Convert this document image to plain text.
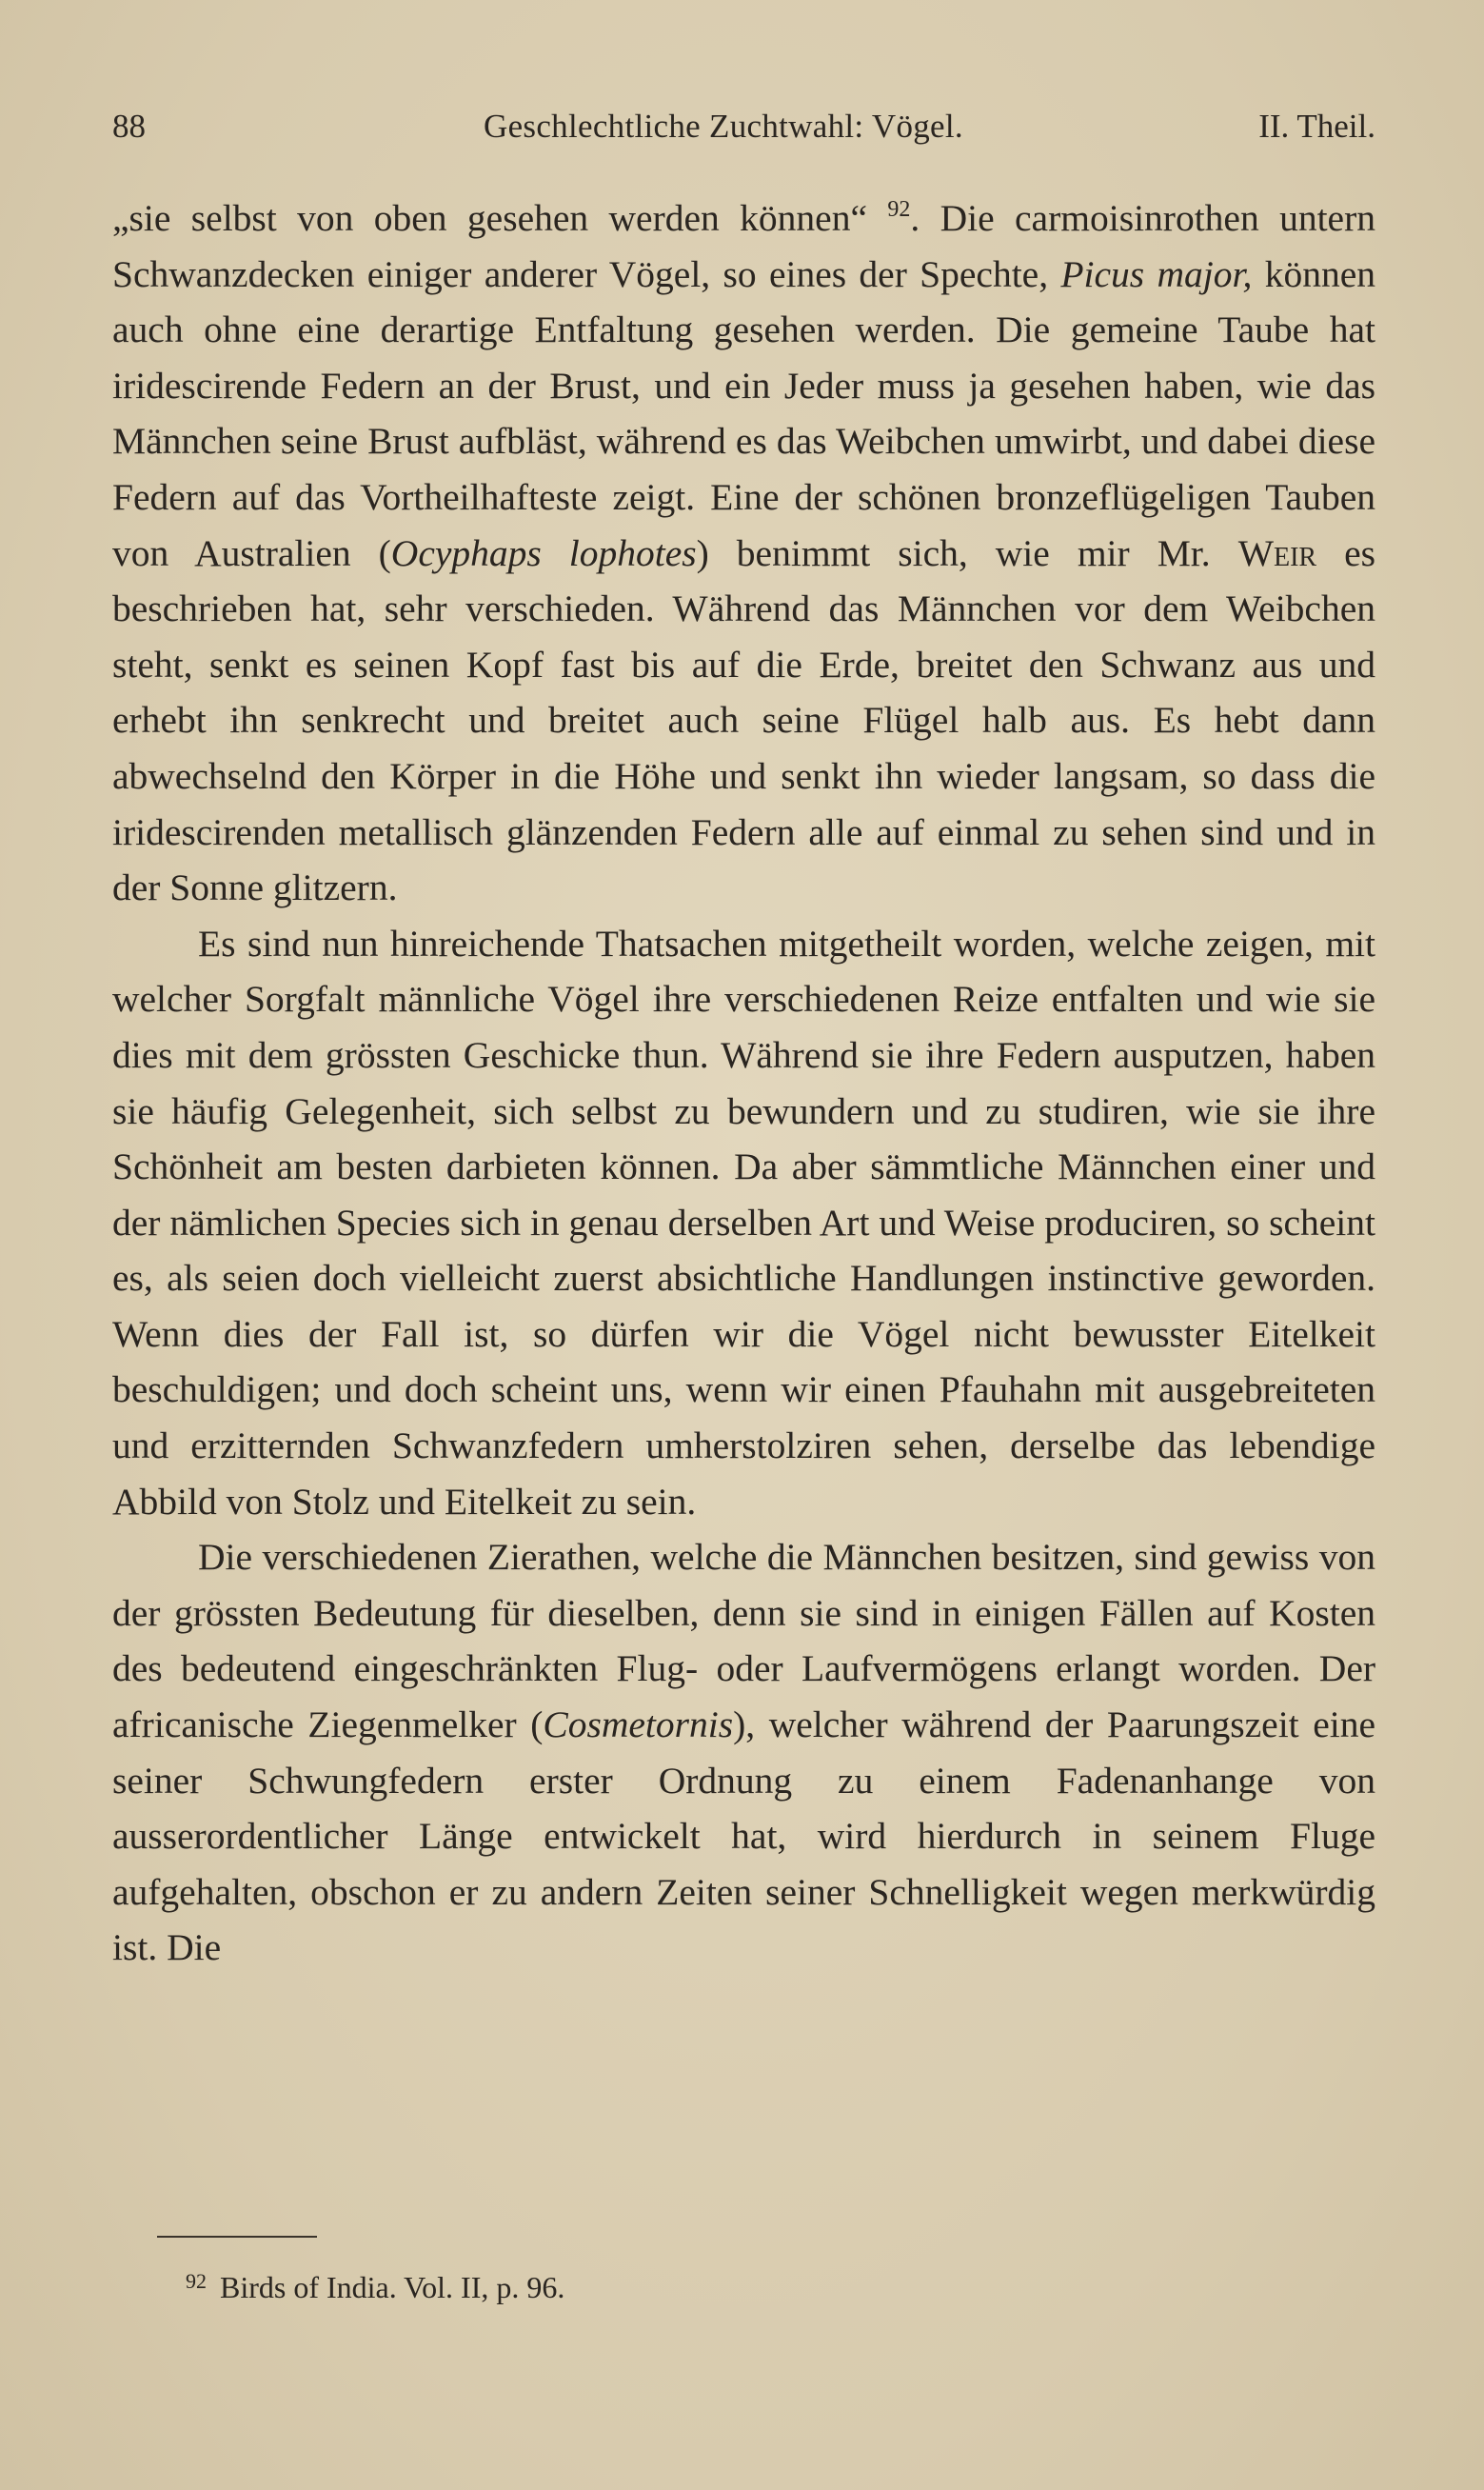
88	Geschlechtliche Zuchtwahl: Vögel.	II. Theil.

„sie selbst von oben gesehen werden können“ $^{92}$. Die carmoisinrothen untern Schwanzdecken einiger anderer Vögel, so eines der Spechte, Picus major, können auch ohne eine derartige Entfaltung gesehen werden. Die gemeine Taube hat iridescirende Federn an der Brust, und ein Jeder muss ja gesehen haben, wie das Männchen seine Brust aufbläst, während es das Weibchen umwirbt, und dabei diese Federn auf das Vortheilhafteste zeigt. Eine der schönen bronzeflügeligen Tauben von Australien (Ocyphaps lophotes) benimmt sich, wie mir Mr. Weir es beschrieben hat, sehr verschieden. Während das Männchen vor dem Weibchen steht, senkt es seinen Kopf fast bis auf die Erde, breitet den Schwanz aus und erhebt ihn senkrecht und breitet auch seine Flügel halb aus. Es hebt dann abwechselnd den Körper in die Höhe und senkt ihn wieder langsam, so dass die iridescirenden metallisch glänzenden Federn alle auf einmal zu sehen sind und in der Sonne glitzern.

Es sind nun hinreichende Thatsachen mitgetheilt worden, welche zeigen, mit welcher Sorgfalt männliche Vögel ihre verschiedenen Reize entfalten und wie sie dies mit dem grössten Geschicke thun. Während sie ihre Federn ausputzen, haben sie häufig Gelegenheit, sich selbst zu bewundern und zu studiren, wie sie ihre Schönheit am besten darbieten können. Da aber sämmtliche Männchen einer und der nämlichen Species sich in genau derselben Art und Weise produciren, so scheint es, als seien doch vielleicht zuerst absichtliche Handlungen instinctive geworden. Wenn dies der Fall ist, so dürfen wir die Vögel nicht bewusster Eitelkeit beschuldigen; und doch scheint uns, wenn wir einen Pfauhahn mit ausgebreiteten und erzitternden Schwanzfedern umherstolziren sehen, derselbe das lebendige Abbild von Stolz und Eitelkeit zu sein.

Die verschiedenen Zierathen, welche die Männchen besitzen, sind gewiss von der grössten Bedeutung für dieselben, denn sie sind in einigen Fällen auf Kosten des bedeutend eingeschränkten Flug- oder Laufvermögens erlangt worden. Der africanische Ziegenmelker (Cosmetornis), welcher während der Paarungszeit eine seiner Schwungfedern erster Ordnung zu einem Fadenanhange von ausserordentlicher Länge entwickelt hat, wird hierdurch in seinem Fluge aufgehalten, obschon er zu andern Zeiten seiner Schnelligkeit wegen merkwürdig ist. Die

$^{92}$ Birds of India. Vol. II, p. 96.
